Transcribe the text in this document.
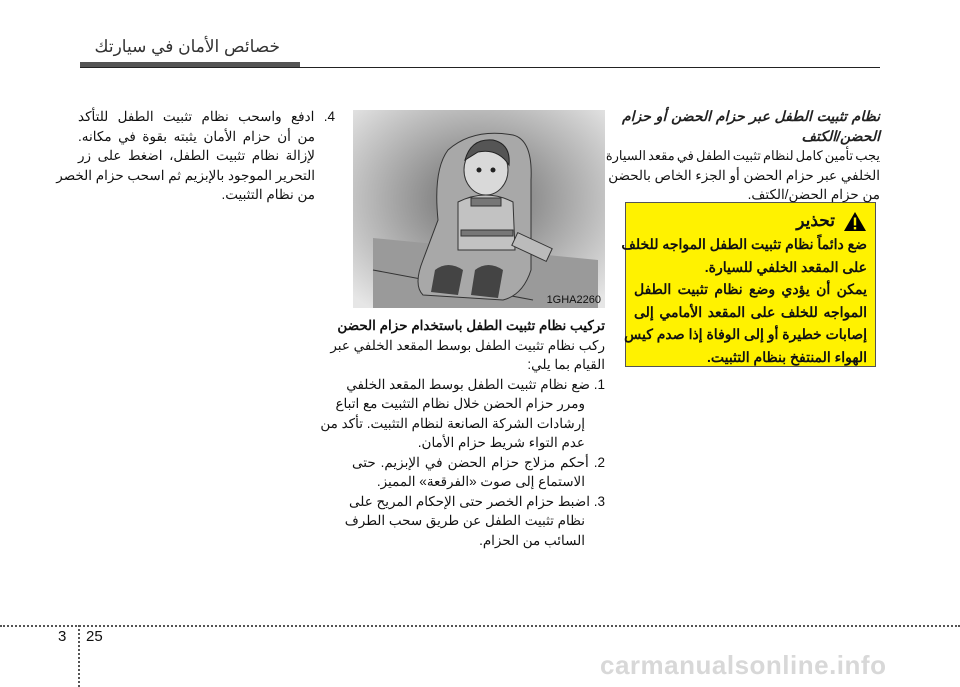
خصائص الأمان في سيارتك
1GHA2260
نظام تثبيت الطفل عبر حزام الحضن أو حزام
الحضن/الكتف
يجب تأمين كامل لنظام تثبيت الطفل في مقعد السيارة
الخلفي عبر حزام الحضن أو الجزء الخاص بالحضن
من حزام الحضن/الكتف.
تحذير
ضع دائماً نظام تثبيت الطفل المواجه للخلف
على المقعد الخلفي للسيارة.
يمكن أن يؤدي وضع نظام تثبيت الطفل
المواجه للخلف على المقعد الأمامي إلى
إصابات خطيرة أو إلى الوفاة إذا صدم كيس
الهواء المنتفخ بنظام التثبيت.
تركيب نظام تثبيت الطفل باستخدام حزام الحضن
ركب نظام تثبيت الطفل بوسط المقعد الخلفي عبر
القيام بما يلي:
1. ضع نظام تثبيت الطفل بوسط المقعد الخلفي
ومرر حزام الحضن خلال نظام التثبيت مع اتباع
إرشادات الشركة الصانعة لنظام التثبيت. تأكد من
عدم التواء شريط حزام الأمان.
2. أحكم مزلاج حزام الحضن في الإبزيم. حتى
الاستماع إلى صوت «الفرقعة» المميز.
3. اضبط حزام الخصر حتى الإحكام المريح على
نظام تثبيت الطفل عن طريق سحب الطرف
السائب من الحزام.
4. ادفع واسحب نظام تثبيت الطفل للتأكد
من أن حزام الأمان يثبته بقوة في مكانه.
لإزالة نظام تثبيت الطفل، اضغط على زر
التحرير الموجود بالإبزيم ثم اسحب حزام الخصر
من نظام التثبيت.
3 25
carmanualsonline.info
